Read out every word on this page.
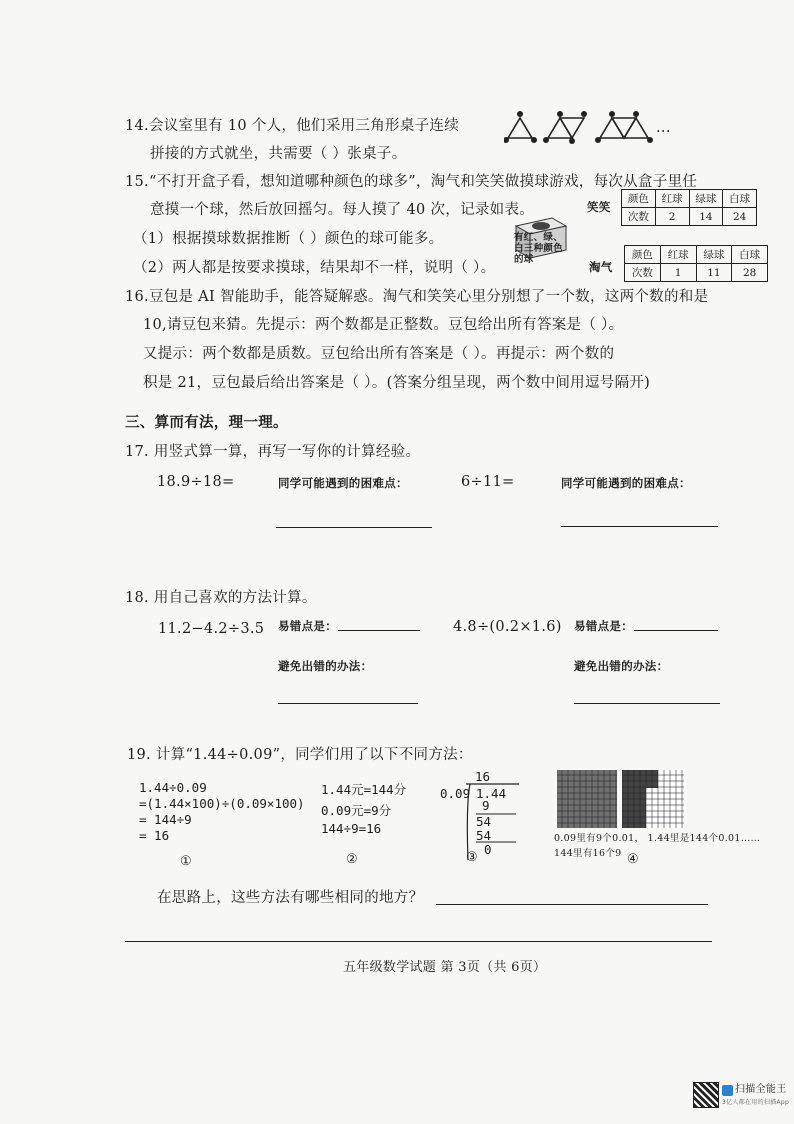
14.会议室里有 10 个人，他们采用三角形桌子连续
拼接的方式就坐，共需要（ ）张桌子。
...
15.“不打开盒子看，想知道哪种颜色的球多”，淘气和笑笑做摸球游戏，每次从盒子里任
意摸一个球，然后放回摇匀。每人摸了 40 次，记录如表。
（1）根据摸球数据推断（ ）颜色的球可能多。
（2）两人都是按要求摸球，结果却不一样，说明（ ）。
有红、绿、白三种颜色的球
笑笑
颜色	红球	绿球	白球
次数	2	14	24
淘气
颜色	红球	绿球	白球
次数	1	11	28
16.豆包是 AI 智能助手，能答疑解惑。淘气和笑笑心里分别想了一个数，这两个数的和是
10,请豆包来猜。先提示：两个数都是正整数。豆包给出所有答案是（ ）。
又提示：两个数都是质数。豆包给出所有答案是（ ）。再提示：两个数的
积是 21，豆包最后给出答案是（ ）。(答案分组呈现，两个数中间用逗号隔开)
三、算而有法，理一理。
17. 用竖式算一算，再写一写你的计算经验。
18.9÷18=	同学可能遇到的困难点：	6÷11=	同学可能遇到的困难点：
18. 用自己喜欢的方法计算。
11.2−4.2÷3.5 易错点是：	4.8÷(0.2×1.6) 易错点是：
避免出错的办法：	避免出错的办法：
19. 计算“1.44÷0.09”，同学们用了以下不同方法：
1.44÷0.09
=(1.44×100)÷(0.09×100)
= 144÷9
= 16
①
1.44元=144分
0.09元=9分
144÷9=16
②
16
0.09 1.44
9
54
54
0
③
0.09里有9个0.01， 1.44里是144个0.01……
144里有16个9 ④
在思路上，这些方法有哪些相同的地方？
五年级数学试题 第 3页（共 6页）
扫描全能王
3亿人都在用的扫描App
